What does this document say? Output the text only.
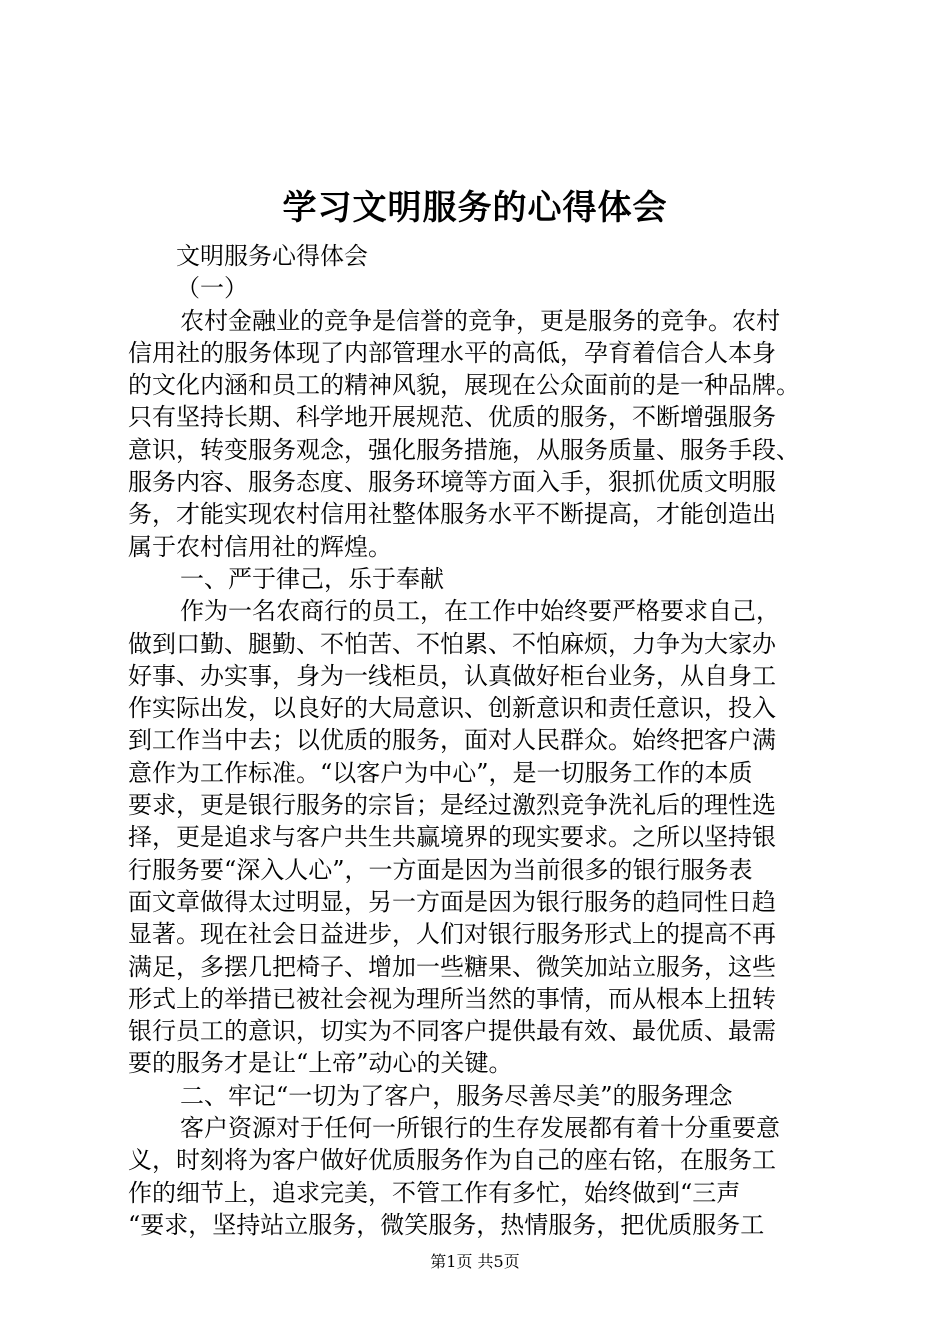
学习文明服务的心得体会
文明服务心得体会
（一）
农村金融业的竞争是信誉的竞争，更是服务的竞争。农村
信用社的服务体现了内部管理水平的高低，孕育着信合人本身
的文化内涵和员工的精神风貌，展现在公众面前的是一种品牌。
只有坚持长期、科学地开展规范、优质的服务，不断增强服务
意识，转变服务观念，强化服务措施，从服务质量、服务手段、
服务内容、服务态度、服务环境等方面入手，狠抓优质文明服
务，才能实现农村信用社整体服务水平不断提高，才能创造出
属于农村信用社的辉煌。
一、严于律己，乐于奉献
作为一名农商行的员工，在工作中始终要严格要求自己，
做到口勤、腿勤、不怕苦、不怕累、不怕麻烦，力争为大家办
好事、办实事，身为一线柜员，认真做好柜台业务，从自身工
作实际出发，以良好的大局意识、创新意识和责任意识，投入
到工作当中去；以优质的服务，面对人民群众。始终把客户满
意作为工作标准。“以客户为中心”，是一切服务工作的本质
要求，更是银行服务的宗旨；是经过激烈竞争洗礼后的理性选
择，更是追求与客户共生共赢境界的现实要求。之所以坚持银
行服务要“深入人心”，一方面是因为当前很多的银行服务表
面文章做得太过明显，另一方面是因为银行服务的趋同性日趋
显著。现在社会日益进步，人们对银行服务形式上的提高不再
满足，多摆几把椅子、增加一些糖果、微笑加站立服务，这些
形式上的举措已被社会视为理所当然的事情，而从根本上扭转
银行员工的意识，切实为不同客户提供最有效、最优质、最需
要的服务才是让“上帝”动心的关键。
二、牢记“一切为了客户，服务尽善尽美”的服务理念
客户资源对于任何一所银行的生存发展都有着十分重要意
义，时刻将为客户做好优质服务作为自己的座右铭，在服务工
作的细节上，追求完美，不管工作有多忙，始终做到“三声
“要求，坚持站立服务，微笑服务，热情服务，把优质服务工
第1页 共5页
